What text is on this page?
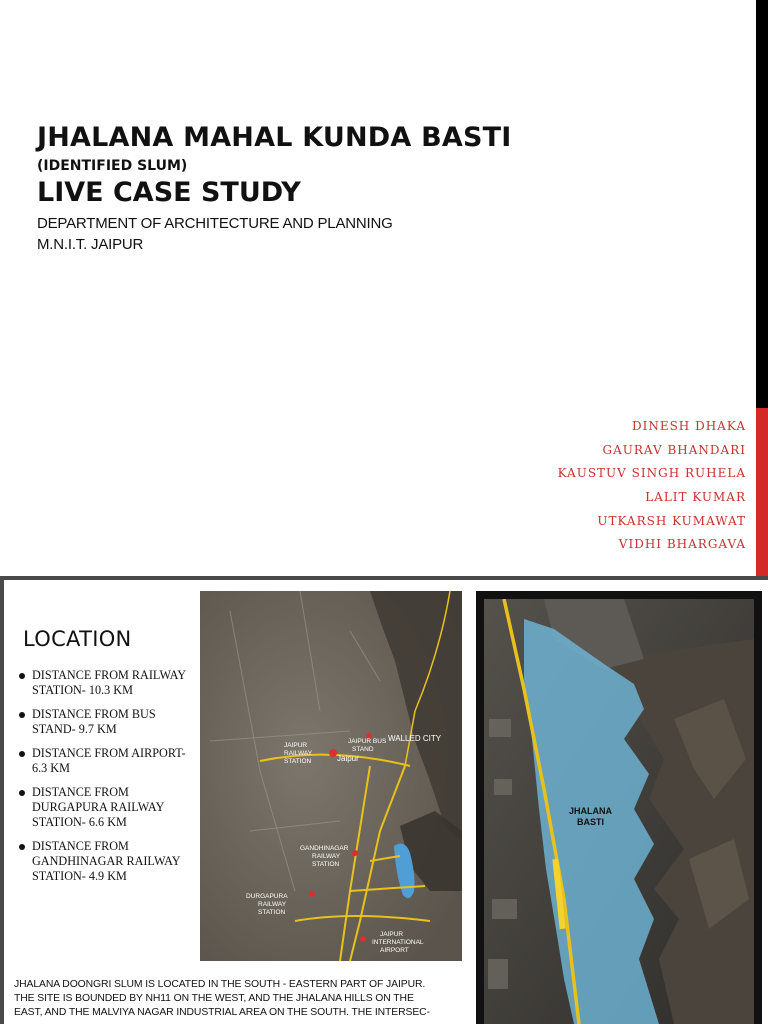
JHALANA MAHAL KUNDA BASTI
(IDENTIFIED SLUM)
LIVE CASE STUDY
DEPARTMENT OF ARCHITECTURE AND PLANNING
M.N.I.T. JAIPUR
DINESH DHAKA
GAURAV BHANDARI
KAUSTUV SINGH RUHELA
LALIT KUMAR
UTKARSH KUMAWAT
VIDHI BHARGAVA
LOCATION
DISTANCE FROM RAILWAY
STATION- 10.3 KM
DISTANCE FROM BUS
STAND- 9.7 KM
DISTANCE FROM AIRPORT-
6.3 KM
DISTANCE FROM
DURGAPURA RAILWAY
STATION- 6.6 KM
DISTANCE FROM
GANDHINAGAR RAILWAY
STATION- 4.9 KM
WALLED CITY
JAIPUR
RAILWAY
STATION
JAIPUR BUS
STAND
Jaipur
GANDHINAGAR
RAILWAY
STATION
DURGAPURA
RAILWAY
STATION
JAIPUR
INTERNATIONAL
AIRPORT
JHALANA
BASTI
JHALANA DOONGRI SLUM IS LOCATED IN THE SOUTH - EASTERN PART OF JAIPUR.
THE SITE IS BOUNDED BY NH11 ON THE WEST, AND THE JHALANA HILLS ON THE
EAST, AND THE MALVIYA NAGAR INDUSTRIAL AREA ON THE SOUTH. THE INTERSEC-
